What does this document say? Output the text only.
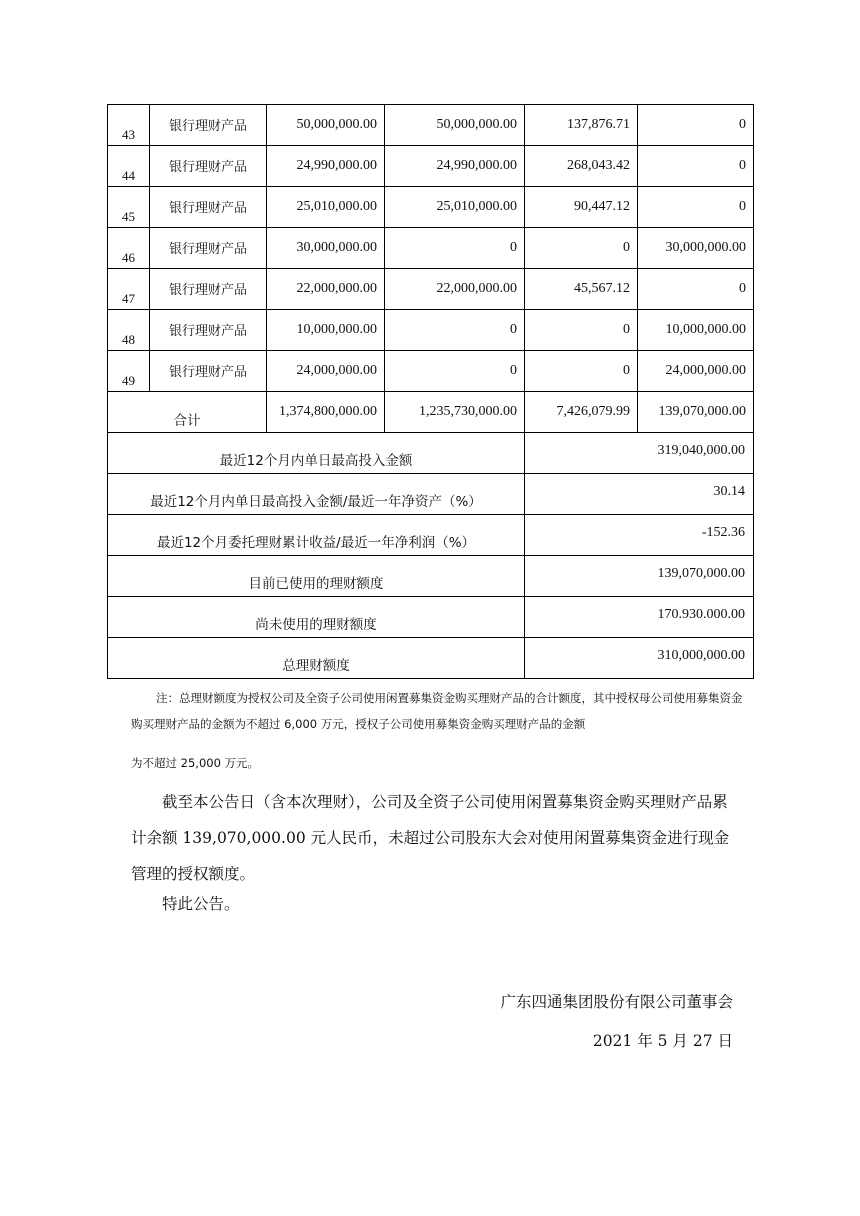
43	银行理财产品	50,000,000.00	50,000,000.00	137,876.71	0
44	银行理财产品	24,990,000.00	24,990,000.00	268,043.42	0
45	银行理财产品	25,010,000.00	25,010,000.00	90,447.12	0
46	银行理财产品	30,000,000.00	0	0	30,000,000.00
47	银行理财产品	22,000,000.00	22,000,000.00	45,567.12	0
48	银行理财产品	10,000,000.00	0	0	10,000,000.00
49	银行理财产品	24,000,000.00	0	0	24,000,000.00
合计		1,374,800,000.00	1,235,730,000.00	7,426,079.99	139,070,000.00
最近12个月内单日最高投入金额				319,040,000.00	
最近12个月内单日最高投入金额/最近一年净资产（%）				30.14	
最近12个月委托理财累计收益/最近一年净利润（%）				-152.36	
目前已使用的理财额度				139,070,000.00	
尚未使用的理财额度				170.930.000.00	
总理财额度				310,000,000.00	
注：总理财额度为授权公司及全资子公司使用闲置募集资金购买理财产品的合计额度，其中授权母公司使用募集资金购买理财产品的金额为不超过 6,000 万元，授权子公司使用募集资金购买理财产品的金额
为不超过 25,000 万元。
截至本公告日（含本次理财），公司及全资子公司使用闲置募集资金购买理财产品累计余额 139,070,000.00 元人民币，未超过公司股东大会对使用闲置募集资金进行现金管理的授权额度。
特此公告。
广东四通集团股份有限公司董事会
2021 年 5 月 27 日
